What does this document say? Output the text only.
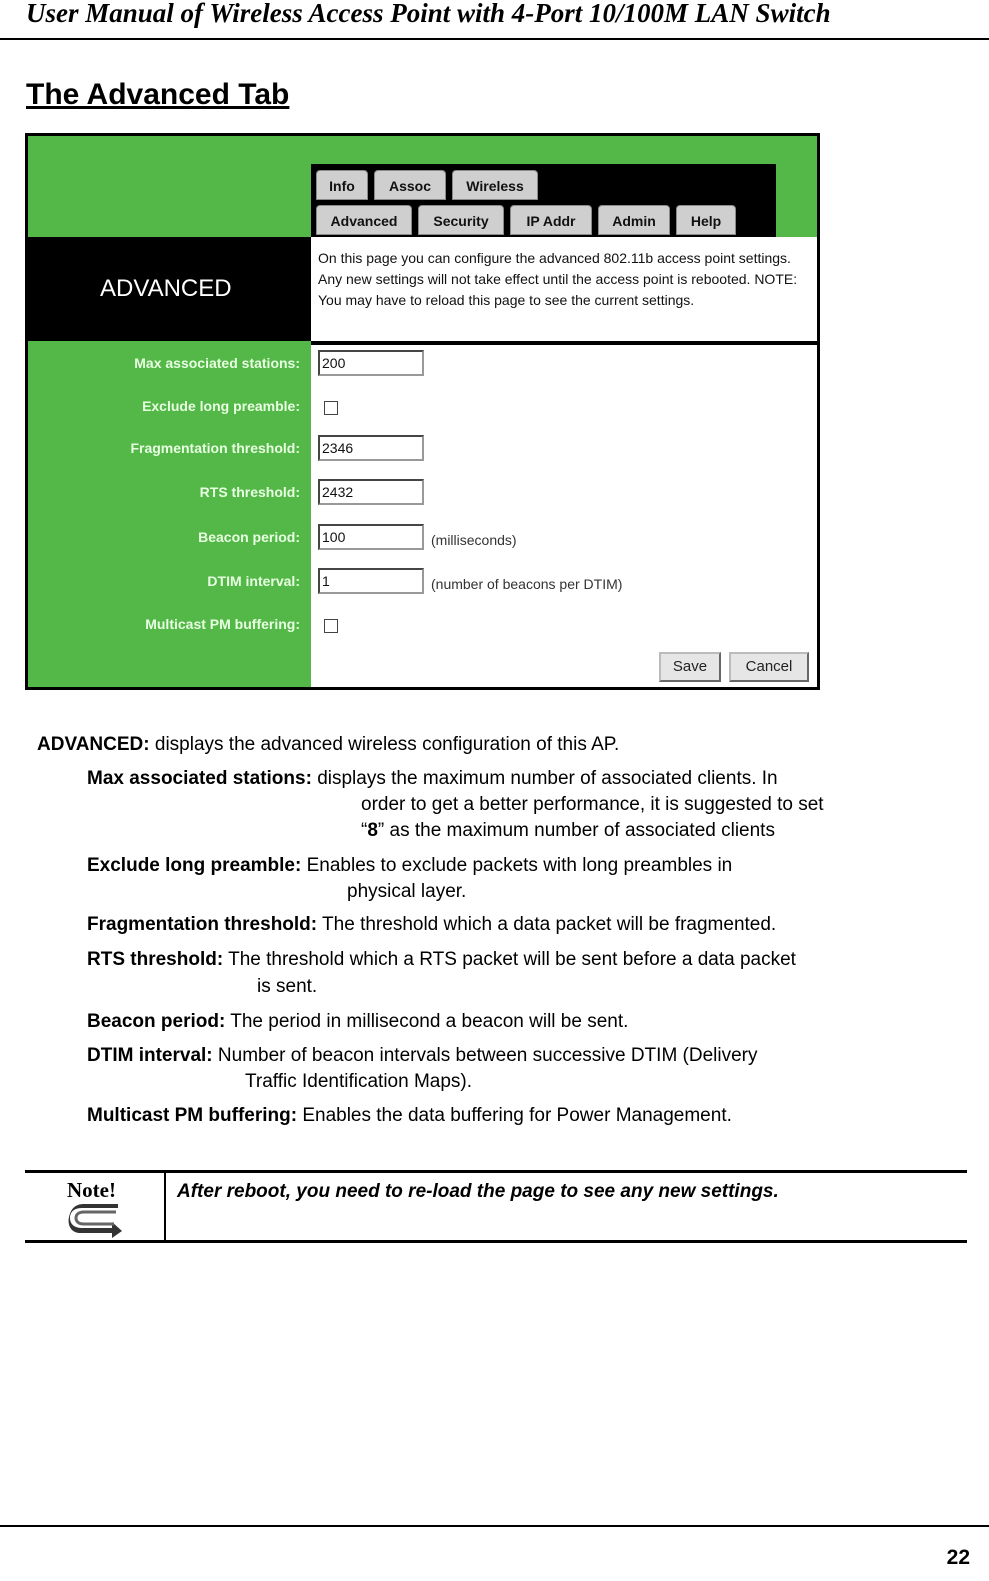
User Manual of Wireless Access Point with 4-Port 10/100M LAN Switch
The Advanced Tab
Info	Assoc	Wireless
Advanced	Security	IP Addr	Admin	Help
ADVANCED
On this page you can configure the advanced 802.11b access point settings. Any new settings will not take effect until the access point is rebooted. NOTE: You may have to reload this page to see the current settings.
Max associated stations: 200
Exclude long preamble:
Fragmentation threshold: 2346
RTS threshold: 2432
Beacon period: 100	(milliseconds)
DTIM interval: 1	(number of beacons per DTIM)
Multicast PM buffering:
Save	Cancel
ADVANCED: displays the advanced wireless configuration of this AP.
Max associated stations: displays the maximum number of associated clients. In
order to get a better performance, it is suggested to set
“8” as the maximum number of associated clients
Exclude long preamble: Enables to exclude packets with long preambles in
physical layer.
Fragmentation threshold: The threshold which a data packet will be fragmented.
RTS threshold: The threshold which a RTS packet will be sent before a data packet
is sent.
Beacon period: The period in millisecond a beacon will be sent.
DTIM interval: Number of beacon intervals between successive DTIM (Delivery
Traffic Identification Maps).
Multicast PM buffering: Enables the data buffering for Power Management.
Note!	After reboot, you need to re-load the page to see any new settings.
22
